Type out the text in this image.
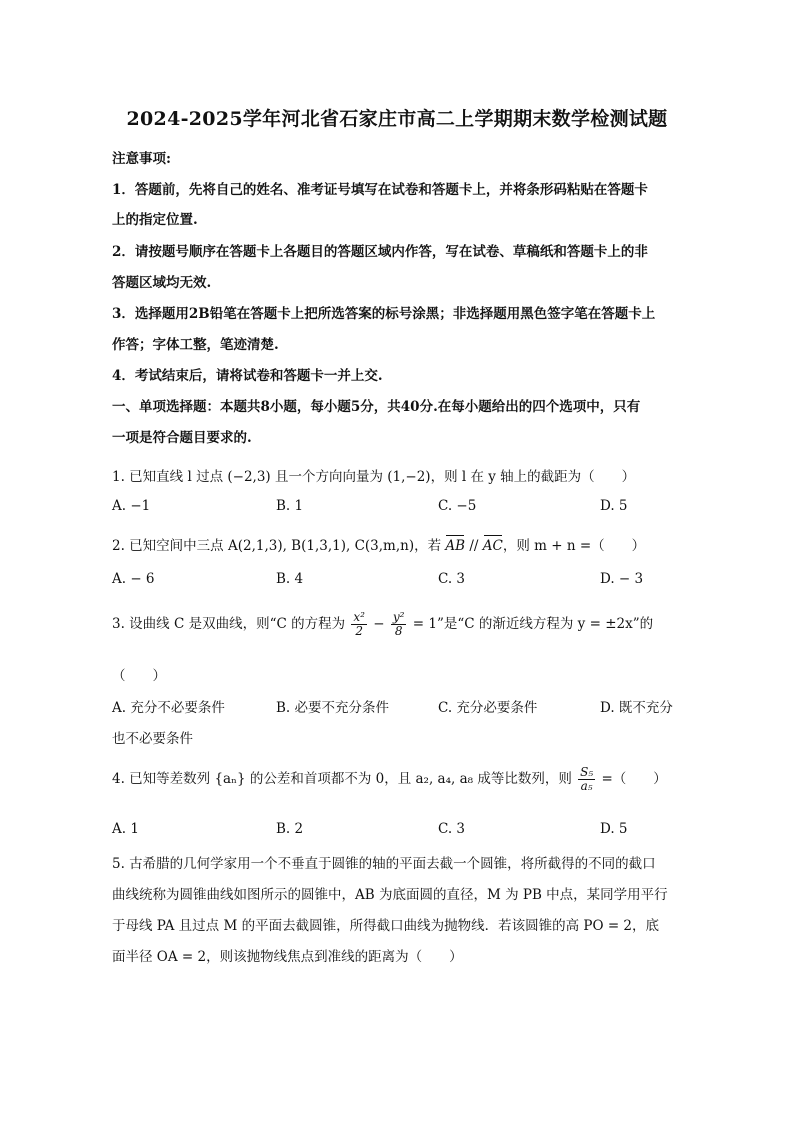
2024-2025学年河北省石家庄市高二上学期期末数学检测试题
注意事项:
1．答题前，先将自己的姓名、准考证号填写在试卷和答题卡上，并将条形码粘贴在答题卡
上的指定位置.
2．请按题号顺序在答题卡上各题目的答题区域内作答，写在试卷、草稿纸和答题卡上的非
答题区域均无效.
3．选择题用2B铅笔在答题卡上把所选答案的标号涂黑；非选择题用黑色签字笔在答题卡上
作答；字体工整，笔迹清楚.
4．考试结束后，请将试卷和答题卡一并上交.
一、单项选择题：本题共8小题，每小题5分，共40分.在每小题给出的四个选项中，只有
一项是符合题目要求的.
1. 已知直线 l 过点 (−2,3) 且一个方向向量为 (1,−2)，则 l 在 y 轴上的截距为（　　）
A. −1	B. 1	C. −5	D. 5
2. 已知空间中三点 A(2,1,3), B(1,3,1), C(3,m,n)，若 AB // AC，则 m + n =（　　）
A. − 6	B. 4	C. 3	D. − 3
3. 设曲线 C 是双曲线，则“C 的方程为 $\frac{\text{x²}}{2} - \frac{\text{y²}}{8} = 1$”是“C 的渐近线方程为 y = ±2x”的
（　　）
A. 充分不必要条件	B. 必要不充分条件	C. 充分必要条件	D. 既不充分
也不必要条件
4. 已知等差数列 {aₙ} 的公差和首项都不为 0，且 a₂, a₄, a₈ 成等比数列，则 $\frac{\text{S₅}}{\text{a₅}}$ =（　　）
A. 1	B. 2	C. 3	D. 5
5. 古希腊的几何学家用一个不垂直于圆锥的轴的平面去截一个圆锥，将所截得的不同的截口
曲线统称为圆锥曲线如图所示的圆锥中，AB 为底面圆的直径，M 为 PB 中点，某同学用平行
于母线 PA 且过点 M 的平面去截圆锥，所得截口曲线为抛物线．若该圆锥的高 PO = 2，底
面半径 OA = 2，则该抛物线焦点到准线的距离为（　　）
